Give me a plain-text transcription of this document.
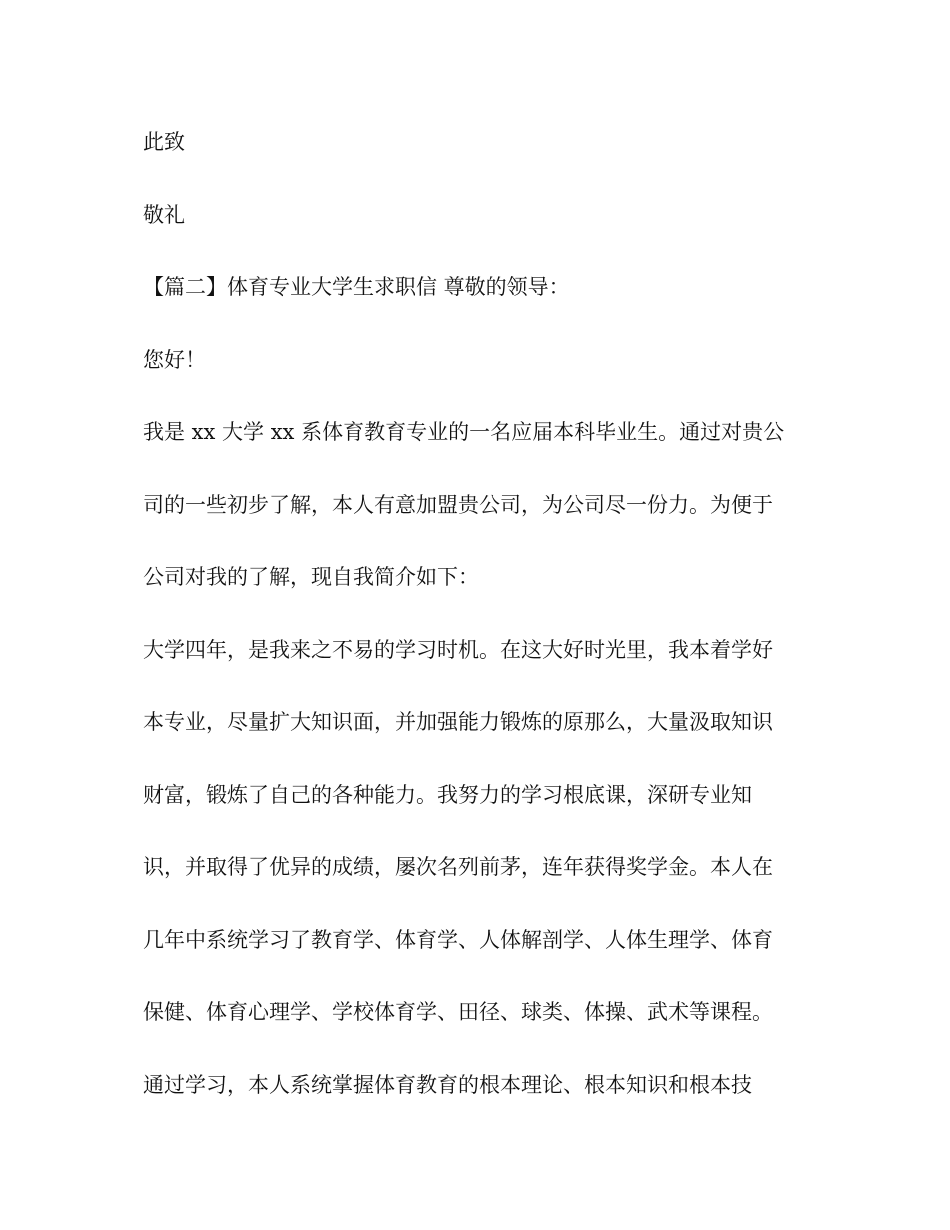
此致

敬礼

【篇二】体育专业大学生求职信 尊敬的领导：

您好！

我是 xx 大学 xx 系体育教育专业的一名应届本科毕业生。通过对贵公

司的一些初步了解，本人有意加盟贵公司，为公司尽一份力。为便于

公司对我的了解，现自我简介如下：

大学四年，是我来之不易的学习时机。在这大好时光里，我本着学好

本专业，尽量扩大知识面，并加强能力锻炼的原那么，大量汲取知识

财富，锻炼了自己的各种能力。我努力的学习根底课，深研专业知

识，并取得了优异的成绩，屡次名列前茅，连年获得奖学金。本人在

几年中系统学习了教育学、体育学、人体解剖学、人体生理学、体育

保健、体育心理学、学校体育学、田径、球类、体操、武术等课程。

通过学习，本人系统掌握体育教育的根本理论、根本知识和根本技
